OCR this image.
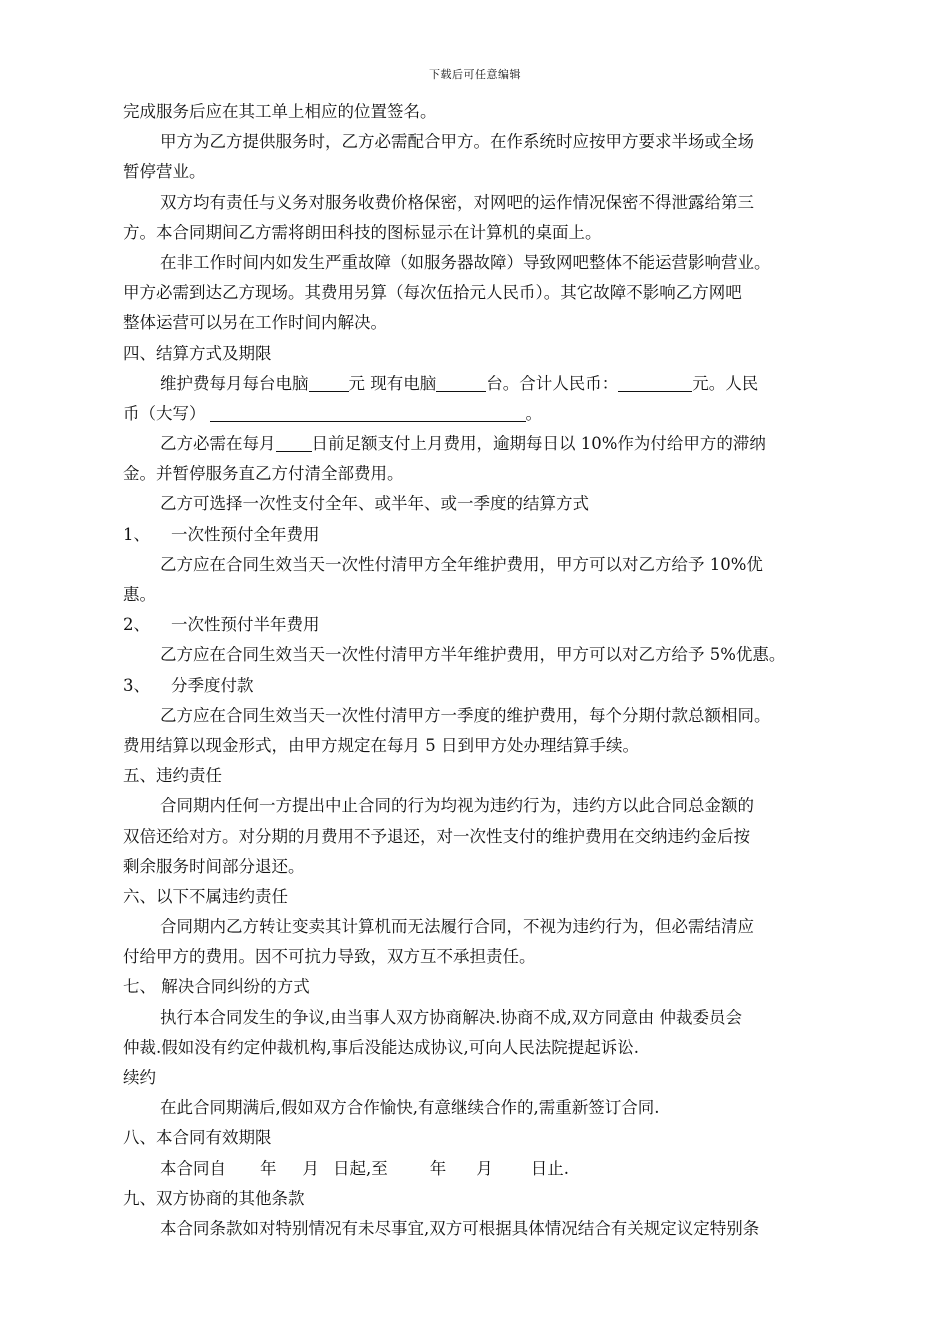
下载后可任意编辑
完成服务后应在其工单上相应的位置签名。
甲方为乙方提供服务时，乙方必需配合甲方。在作系统时应按甲方要求半场或全场
暂停营业。
双方均有责任与义务对服务收费价格保密，对网吧的运作情况保密不得泄露给第三
方。本合同期间乙方需将朗田科技的图标显示在计算机的桌面上。
在非工作时间内如发生严重故障（如服务器故障）导致网吧整体不能运营影响营业。
甲方必需到达乙方现场。其费用另算（每次伍拾元人民币）。其它故障不影响乙方网吧
整体运营可以另在工作时间内解决。
四、结算方式及期限
维护费每月每台电脑 元 现有电脑	台。合计人民币：	元。人民
币（大写）	。
乙方必需在每月 日前足额支付上月费用，逾期每日以 10%作为付给甲方的滞纳
金。并暂停服务直乙方付清全部费用。
乙方可选择一次性支付全年、或半年、或一季度的结算方式
1、 一次性预付全年费用
乙方应在合同生效当天一次性付清甲方全年维护费用，甲方可以对乙方给予 10%优
惠。
2、 一次性预付半年费用
乙方应在合同生效当天一次性付清甲方半年维护费用，甲方可以对乙方给予 5%优惠。
3、 分季度付款
乙方应在合同生效当天一次性付清甲方一季度的维护费用，每个分期付款总额相同。
费用结算以现金形式，由甲方规定在每月 5 日到甲方处办理结算手续。
五、违约责任
合同期内任何一方提出中止合同的行为均视为违约行为，违约方以此合同总金额的
双倍还给对方。对分期的月费用不予退还，对一次性支付的维护费用在交纳违约金后按
剩余服务时间部分退还。
六、以下不属违约责任
合同期内乙方转让变卖其计算机而无法履行合同，不视为违约行为，但必需结清应
付给甲方的费用。因不可抗力导致，双方互不承担责任。
七、 解决合同纠纷的方式
执行本合同发生的争议,由当事人双方协商解决.协商不成,双方同意由 仲裁委员会
仲裁.假如没有约定仲裁机构,事后没能达成协议,可向人民法院提起诉讼.
续约
在此合同期满后,假如双方合作愉快,有意继续合作的,需重新签订合同.
八、本合同有效期限
本合同自 年 月 日起,至	年 月 日止.
九、双方协商的其他条款
本合同条款如对特别情况有未尽事宜,双方可根据具体情况结合有关规定议定特别条
